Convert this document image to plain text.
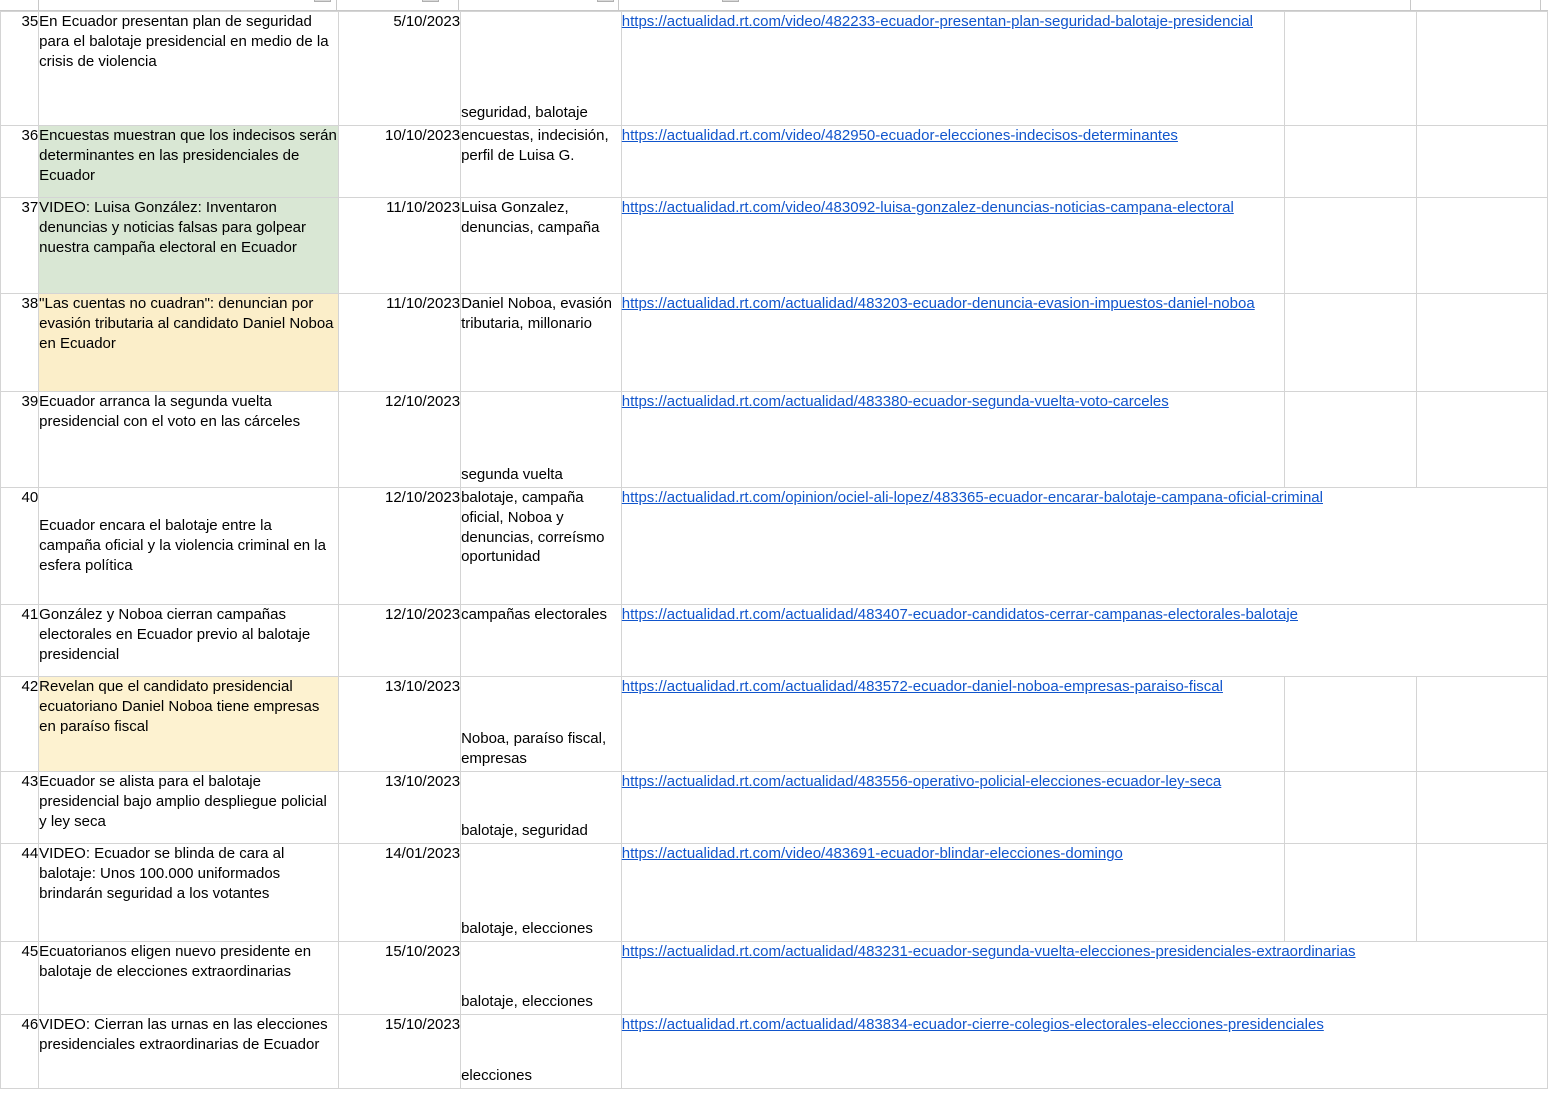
35	En Ecuador presentan plan de seguridad para el balotaje presidencial en medio de la crisis de violencia	5/10/2023	seguridad, balotaje	https://actualidad.rt.com/video/482233-ecuador-presentan-plan-seguridad-balotaje-presidencial		
36	Encuestas muestran que los indecisos serán determinantes en las presidenciales de Ecuador	10/10/2023	encuestas, indecisión, perfil de Luisa G.	https://actualidad.rt.com/video/482950-ecuador-elecciones-indecisos-determinantes		
37	VIDEO: Luisa González: Inventaron denuncias y noticias falsas para golpear nuestra campaña electoral en Ecuador	11/10/2023	Luisa Gonzalez, denuncias, campaña	https://actualidad.rt.com/video/483092-luisa-gonzalez-denuncias-noticias-campana-electoral		
38	"Las cuentas no cuadran": denuncian por evasión tributaria al candidato Daniel Noboa en Ecuador	11/10/2023	Daniel Noboa, evasión tributaria, millonario	https://actualidad.rt.com/actualidad/483203-ecuador-denuncia-evasion-impuestos-daniel-noboa		
39	Ecuador arranca la segunda vuelta presidencial con el voto en las cárceles	12/10/2023	segunda vuelta	https://actualidad.rt.com/actualidad/483380-ecuador-segunda-vuelta-voto-carceles		
40	Ecuador encara el balotaje entre la campaña oficial y la violencia criminal en la esfera política	12/10/2023	balotaje, campaña oficial, Noboa y denuncias, correísmo oportunidad	https://actualidad.rt.com/opinion/ociel-ali-lopez/483365-ecuador-encarar-balotaje-campana-oficial-criminal		
41	González y Noboa cierran campañas electorales en Ecuador previo al balotaje presidencial	12/10/2023	campañas electorales	https://actualidad.rt.com/actualidad/483407-ecuador-candidatos-cerrar-campanas-electorales-balotaje		
42	Revelan que el candidato presidencial ecuatoriano Daniel Noboa tiene empresas en paraíso fiscal	13/10/2023	Noboa, paraíso fiscal, empresas	https://actualidad.rt.com/actualidad/483572-ecuador-daniel-noboa-empresas-paraiso-fiscal		
43	Ecuador se alista para el balotaje presidencial bajo amplio despliegue policial y ley seca	13/10/2023	balotaje, seguridad	https://actualidad.rt.com/actualidad/483556-operativo-policial-elecciones-ecuador-ley-seca		
44	VIDEO: Ecuador se blinda de cara al balotaje: Unos 100.000 uniformados brindarán seguridad a los votantes	14/01/2023	balotaje, elecciones	https://actualidad.rt.com/video/483691-ecuador-blindar-elecciones-domingo		
45	Ecuatorianos eligen nuevo presidente en balotaje de elecciones extraordinarias	15/10/2023	balotaje, elecciones	https://actualidad.rt.com/actualidad/483231-ecuador-segunda-vuelta-elecciones-presidenciales-extraordinarias		
46	VIDEO: Cierran las urnas en las elecciones presidenciales extraordinarias de Ecuador	15/10/2023	elecciones	https://actualidad.rt.com/actualidad/483834-ecuador-cierre-colegios-electorales-elecciones-presidenciales		
